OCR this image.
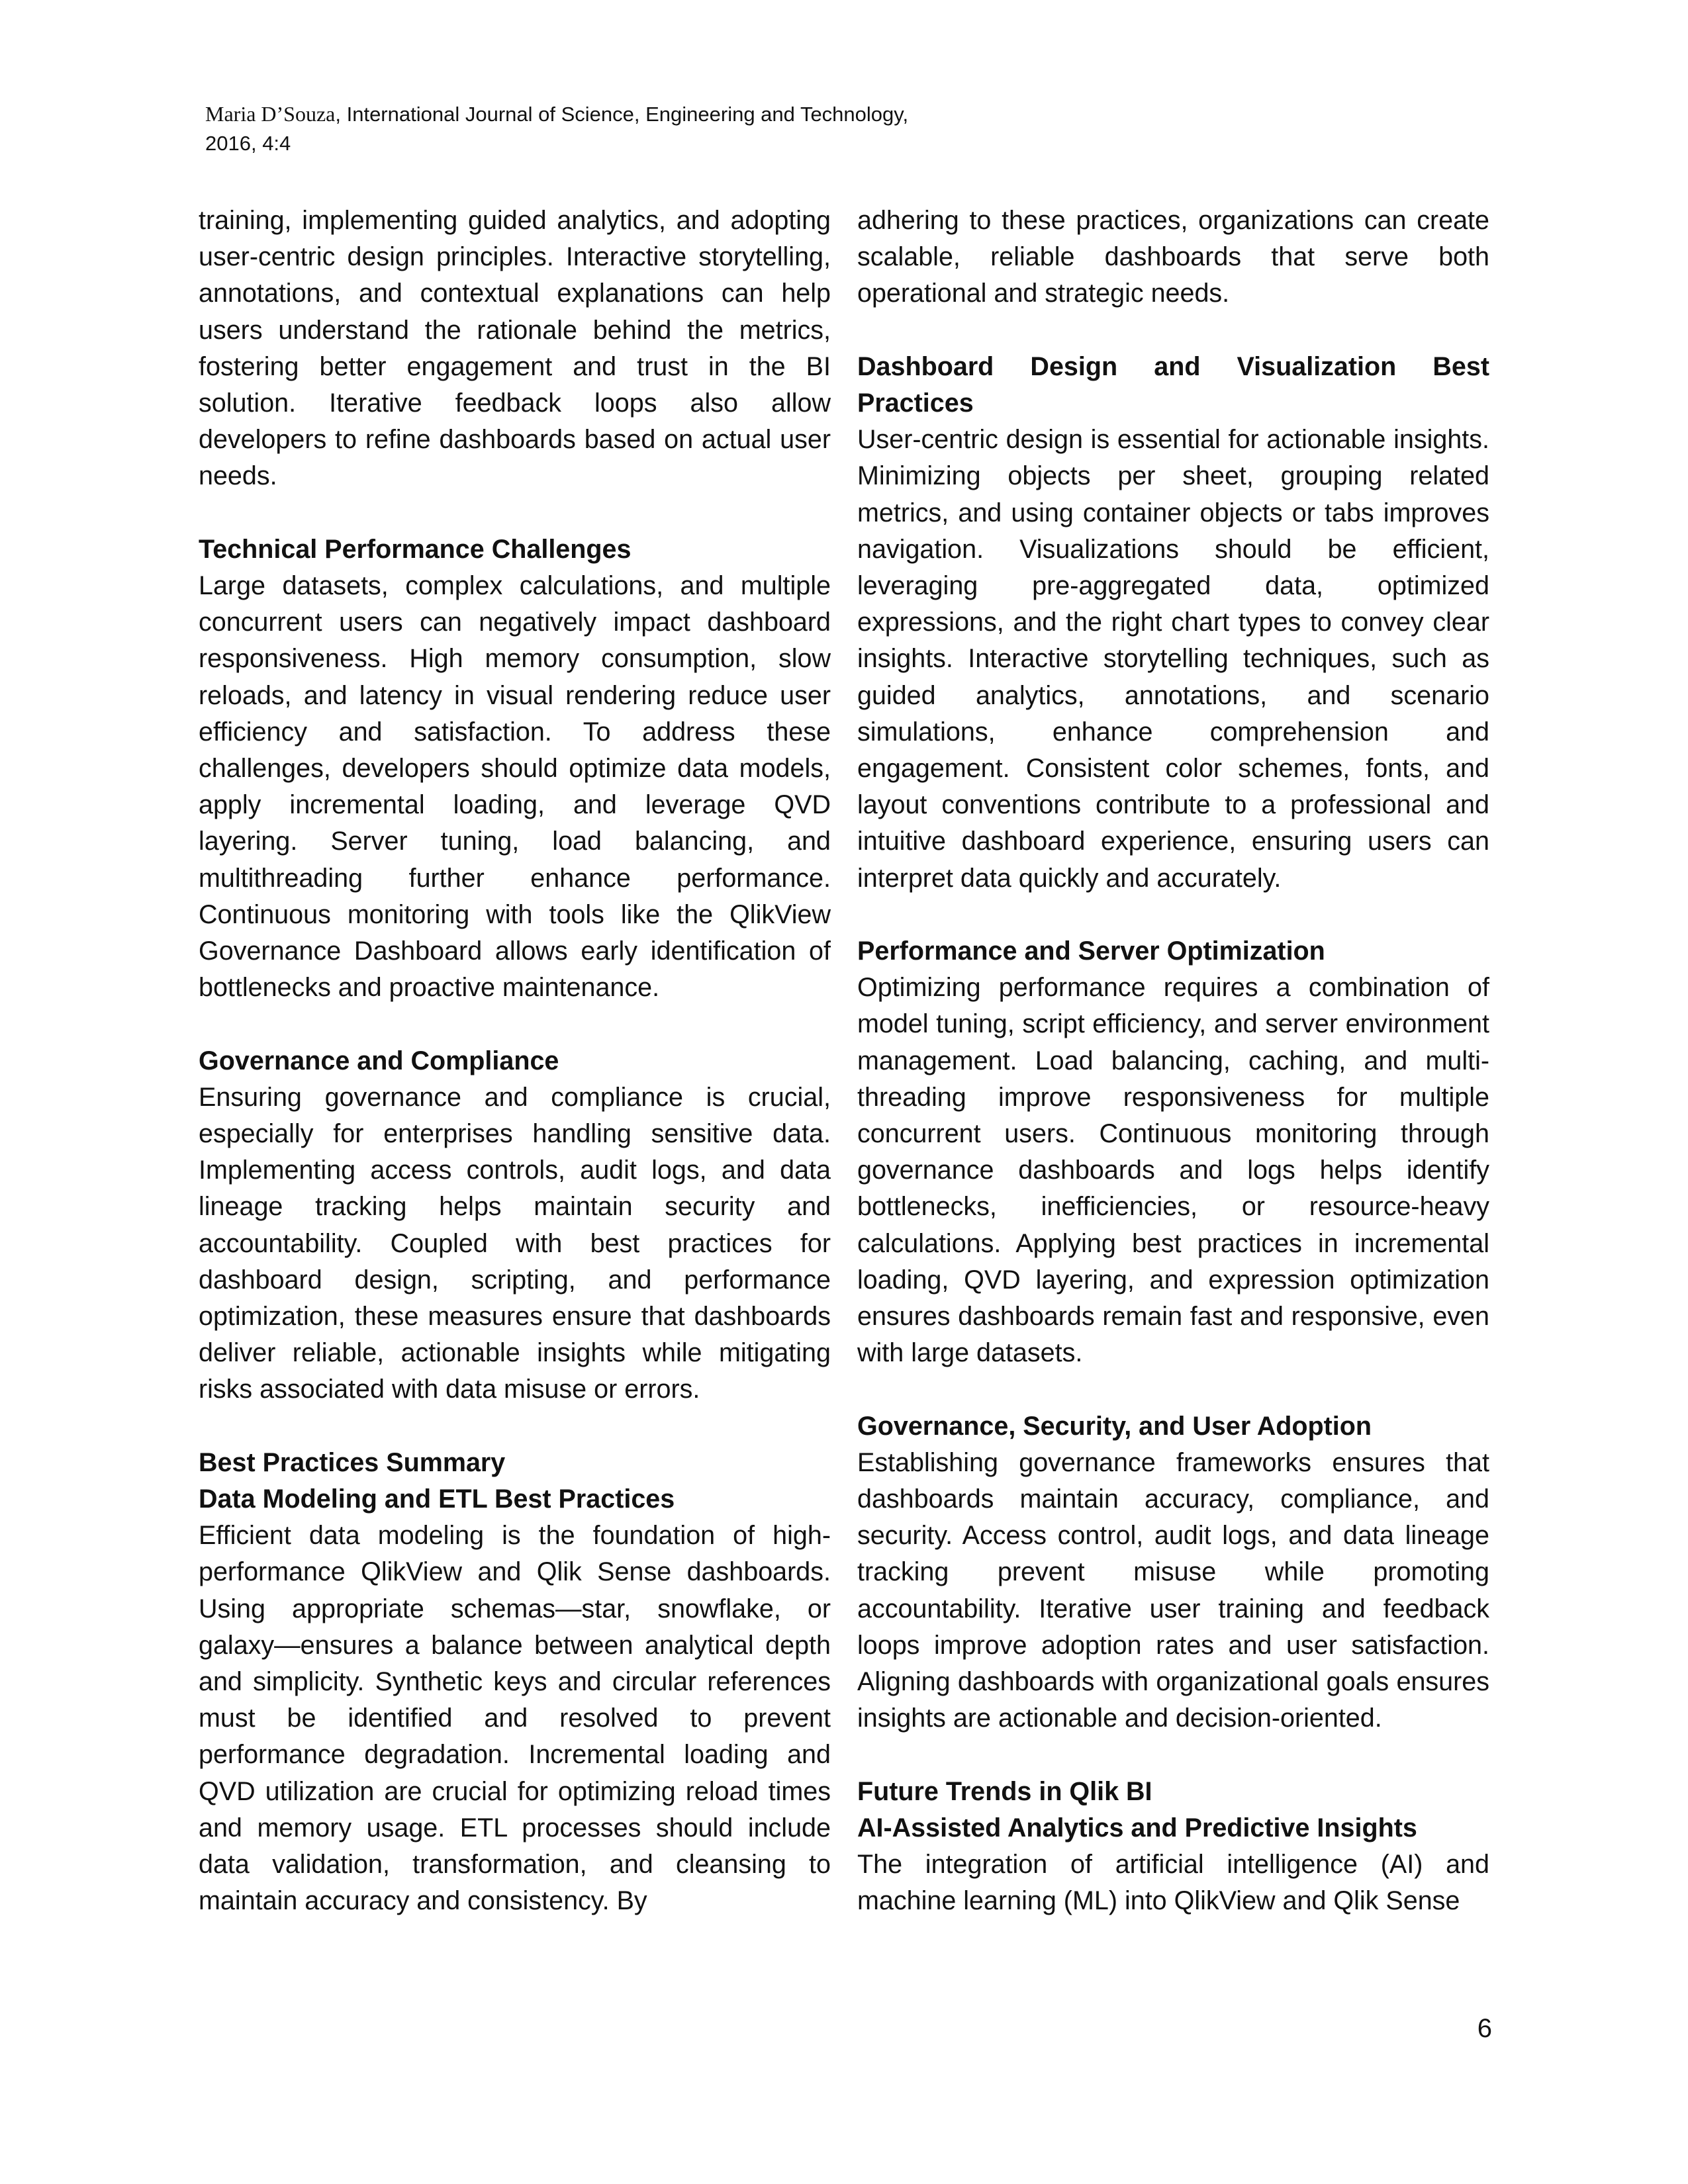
Maria D’Souza, International Journal of Science, Engineering and Technology,
2016, 4:4

training, implementing guided analytics, and adopting user-centric design principles. Interactive storytelling, annotations, and contextual explanations can help users understand the rationale behind the metrics, fostering better engagement and trust in the BI solution. Iterative feedback loops also allow developers to refine dashboards based on actual user needs.

Technical Performance Challenges

Large datasets, complex calculations, and multiple concurrent users can negatively impact dashboard responsiveness. High memory consumption, slow reloads, and latency in visual rendering reduce user efficiency and satisfaction. To address these challenges, developers should optimize data models, apply incremental loading, and leverage QVD layering. Server tuning, load balancing, and multithreading further enhance performance. Continuous monitoring with tools like the QlikView Governance Dashboard allows early identification of bottlenecks and proactive maintenance.

Governance and Compliance

Ensuring governance and compliance is crucial, especially for enterprises handling sensitive data. Implementing access controls, audit logs, and data lineage tracking helps maintain security and accountability. Coupled with best practices for dashboard design, scripting, and performance optimization, these measures ensure that dashboards deliver reliable, actionable insights while mitigating risks associated with data misuse or errors.

Best Practices Summary
Data Modeling and ETL Best Practices

Efficient data modeling is the foundation of high-performance QlikView and Qlik Sense dashboards. Using appropriate schemas—star, snowflake, or galaxy—ensures a balance between analytical depth and simplicity. Synthetic keys and circular references must be identified and resolved to prevent performance degradation. Incremental loading and QVD utilization are crucial for optimizing reload times and memory usage. ETL processes should include data validation, transformation, and cleansing to maintain accuracy and consistency. By

adhering to these practices, organizations can create scalable, reliable dashboards that serve both operational and strategic needs.

Dashboard Design and Visualization Best Practices

User-centric design is essential for actionable insights. Minimizing objects per sheet, grouping related metrics, and using container objects or tabs improves navigation. Visualizations should be efficient, leveraging pre-aggregated data, optimized expressions, and the right chart types to convey clear insights. Interactive storytelling techniques, such as guided analytics, annotations, and scenario simulations, enhance comprehension and engagement. Consistent color schemes, fonts, and layout conventions contribute to a professional and intuitive dashboard experience, ensuring users can interpret data quickly and accurately.

Performance and Server Optimization

Optimizing performance requires a combination of model tuning, script efficiency, and server environment management. Load balancing, caching, and multi-threading improve responsiveness for multiple concurrent users. Continuous monitoring through governance dashboards and logs helps identify bottlenecks, inefficiencies, or resource-heavy calculations. Applying best practices in incremental loading, QVD layering, and expression optimization ensures dashboards remain fast and responsive, even with large datasets.

Governance, Security, and User Adoption

Establishing governance frameworks ensures that dashboards maintain accuracy, compliance, and security. Access control, audit logs, and data lineage tracking prevent misuse while promoting accountability. Iterative user training and feedback loops improve adoption rates and user satisfaction. Aligning dashboards with organizational goals ensures insights are actionable and decision-oriented.

Future Trends in Qlik BI
AI-Assisted Analytics and Predictive Insights

The integration of artificial intelligence (AI) and machine learning (ML) into QlikView and Qlik Sense

6
